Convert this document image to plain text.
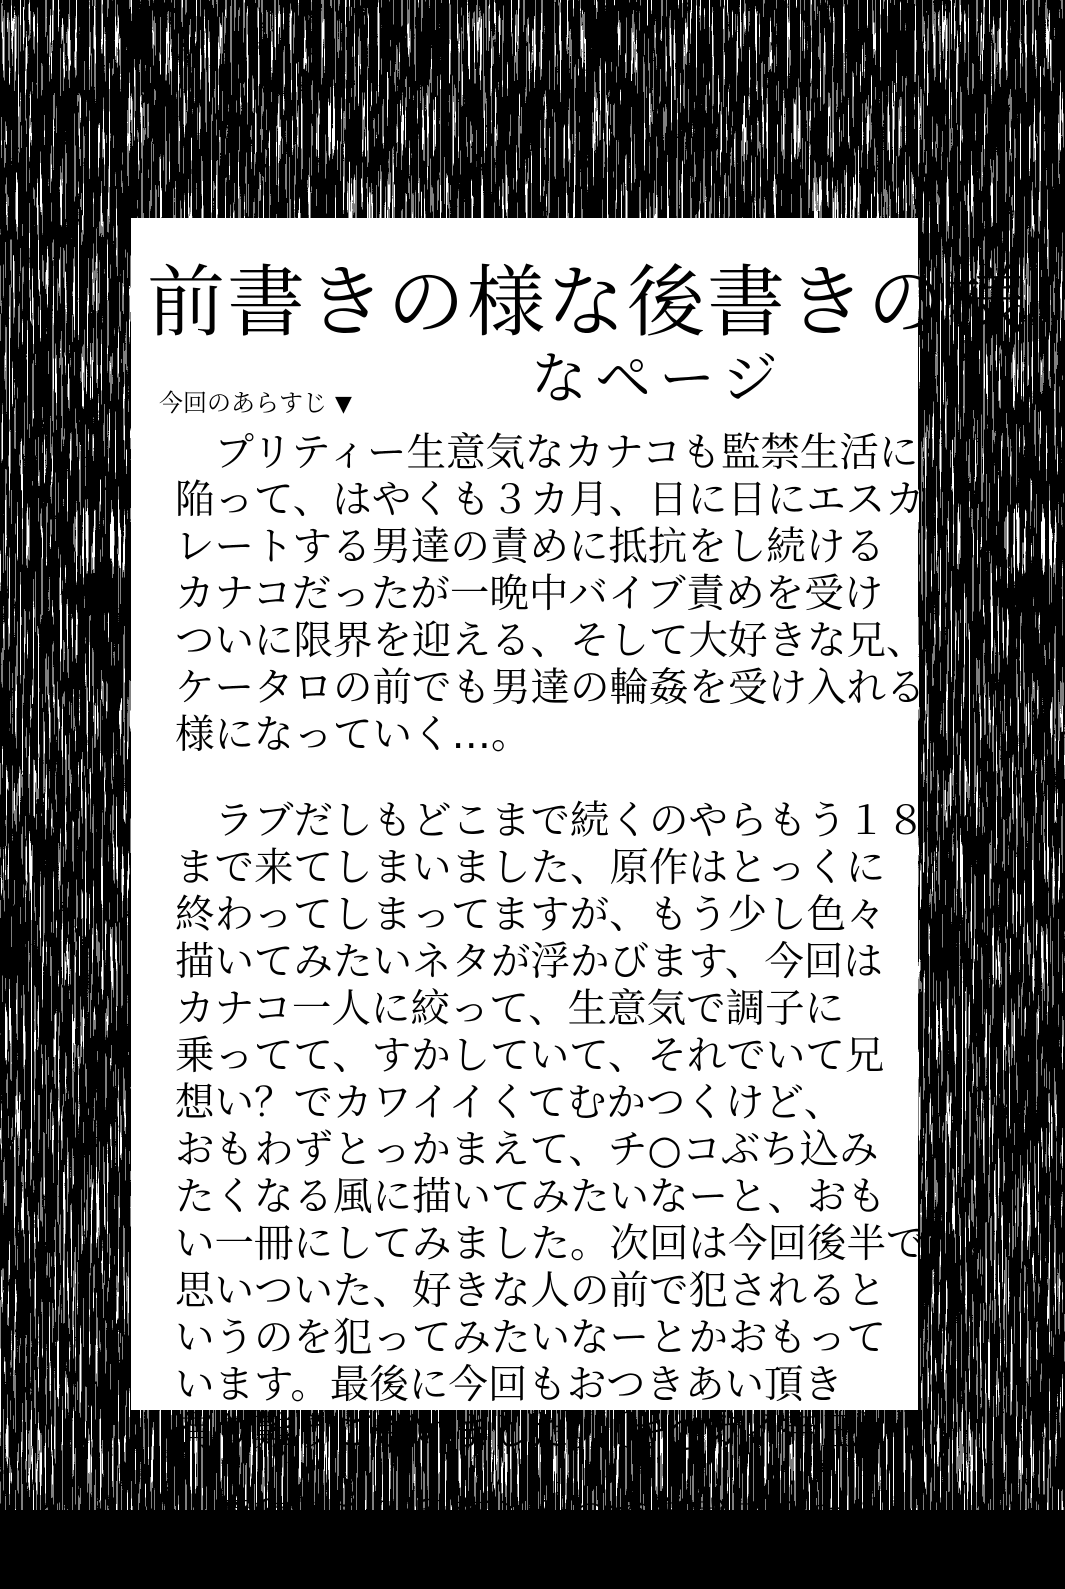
前書きの様な後書きの様
なページ
今回のあらすじ ▼
　プリティー生意気なカナコも監禁生活に
陥って、はやくも３カ月、日に日にエスカ
レートする男達の責めに抵抗をし続ける
カナコだったが一晩中バイブ責めを受け
ついに限界を迎える、そして大好きな兄、
ケータロの前でも男達の輪姦を受け入れる
様になっていく…。
　ラブだしもどこまで続くのやらもう１８
まで来てしまいました、原作はとっくに
終わってしまってますが、もう少し色々
描いてみたいネタが浮かびます、今回は
カナコ一人に絞って、生意気で調子に
乗ってて、すかしていて、それでいて兄
想い？でカワイイくてむかつくけど、
おもわずとっかまえて、チ○コぶち込み
たくなる風に描いてみたいなーと、おも
い一冊にしてみました。次回は今回後半で
思いついた、好きな人の前で犯されると
いうのを犯ってみたいなーとかおもって
います。最後に今回もおつきあい頂き
有り難うございました。〔キ○ガイ帝王〕
　原稿もひと段落したので鬼武者２やり
まくりたいですのーっ！
